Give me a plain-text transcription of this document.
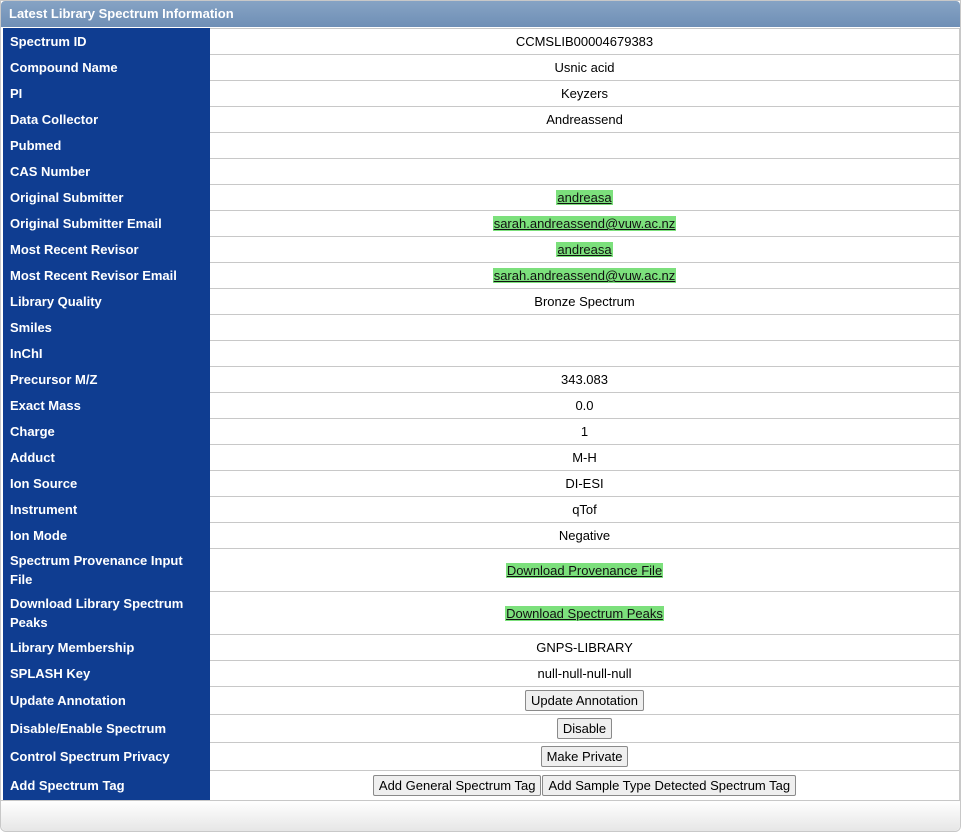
Latest Library Spectrum Information
Spectrum ID	CCMSLIB00004679383
Compound Name	Usnic acid
PI	Keyzers
Data Collector	Andreassend
Pubmed	
CAS Number	
Original Submitter	andreasa
Original Submitter Email	sarah.andreassend@vuw.ac.nz
Most Recent Revisor	andreasa
Most Recent Revisor Email	sarah.andreassend@vuw.ac.nz
Library Quality	Bronze Spectrum
Smiles	
InChI	
Precursor M/Z	343.083
Exact Mass	0.0
Charge	1
Adduct	M-H
Ion Source	DI-ESI
Instrument	qTof
Ion Mode	Negative
Spectrum Provenance Input File	Download Provenance File
Download Library Spectrum Peaks	Download Spectrum Peaks
Library Membership	GNPS-LIBRARY
SPLASH Key	null-null-null-null
Update Annotation	Update Annotation
Disable/Enable Spectrum	Disable
Control Spectrum Privacy	Make Private
Add Spectrum Tag	Add General Spectrum Tag Add Sample Type Detected Spectrum Tag
